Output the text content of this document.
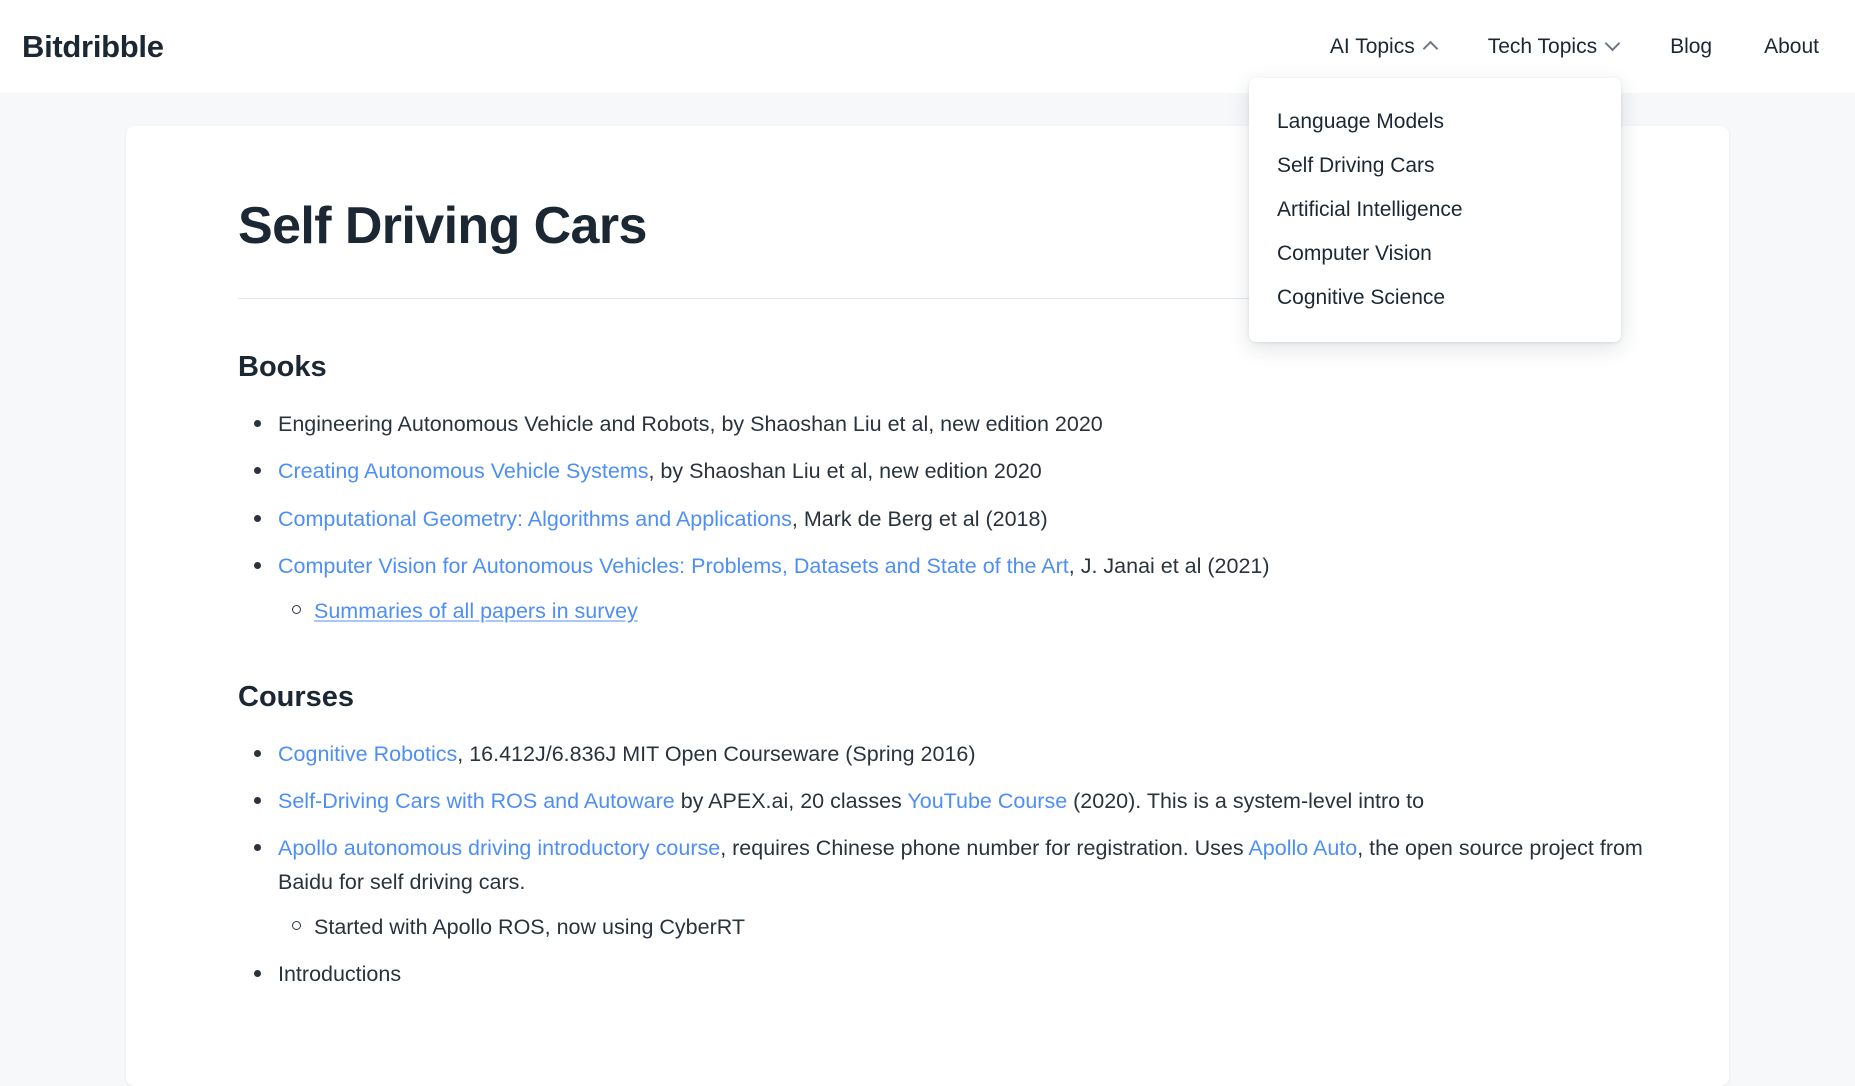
Bitdribble	AI Topics	Tech Topics	Blog About
Language Models
Self Driving Cars
Artificial Intelligence
Computer Vision
Cognitive Science
Self Driving Cars
Books
Engineering Autonomous Vehicle and Robots, by Shaoshan Liu et al, new edition 2020
Creating Autonomous Vehicle Systems, by Shaoshan Liu et al, new edition 2020
Computational Geometry: Algorithms and Applications, Mark de Berg et al (2018)
Computer Vision for Autonomous Vehicles: Problems, Datasets and State of the Art, J. Janai et al (2021)
Summaries of all papers in survey
Courses
Cognitive Robotics, 16.412J/6.836J MIT Open Courseware (Spring 2016)
Self-Driving Cars with ROS and Autoware by APEX.ai, 20 classes YouTube Course (2020). This is a system-level intro to
Apollo autonomous driving introductory course, requires Chinese phone number for registration. Uses Apollo Auto, the open source project from Baidu for self driving cars.
Started with Apollo ROS, now using CyberRT
Introductions
